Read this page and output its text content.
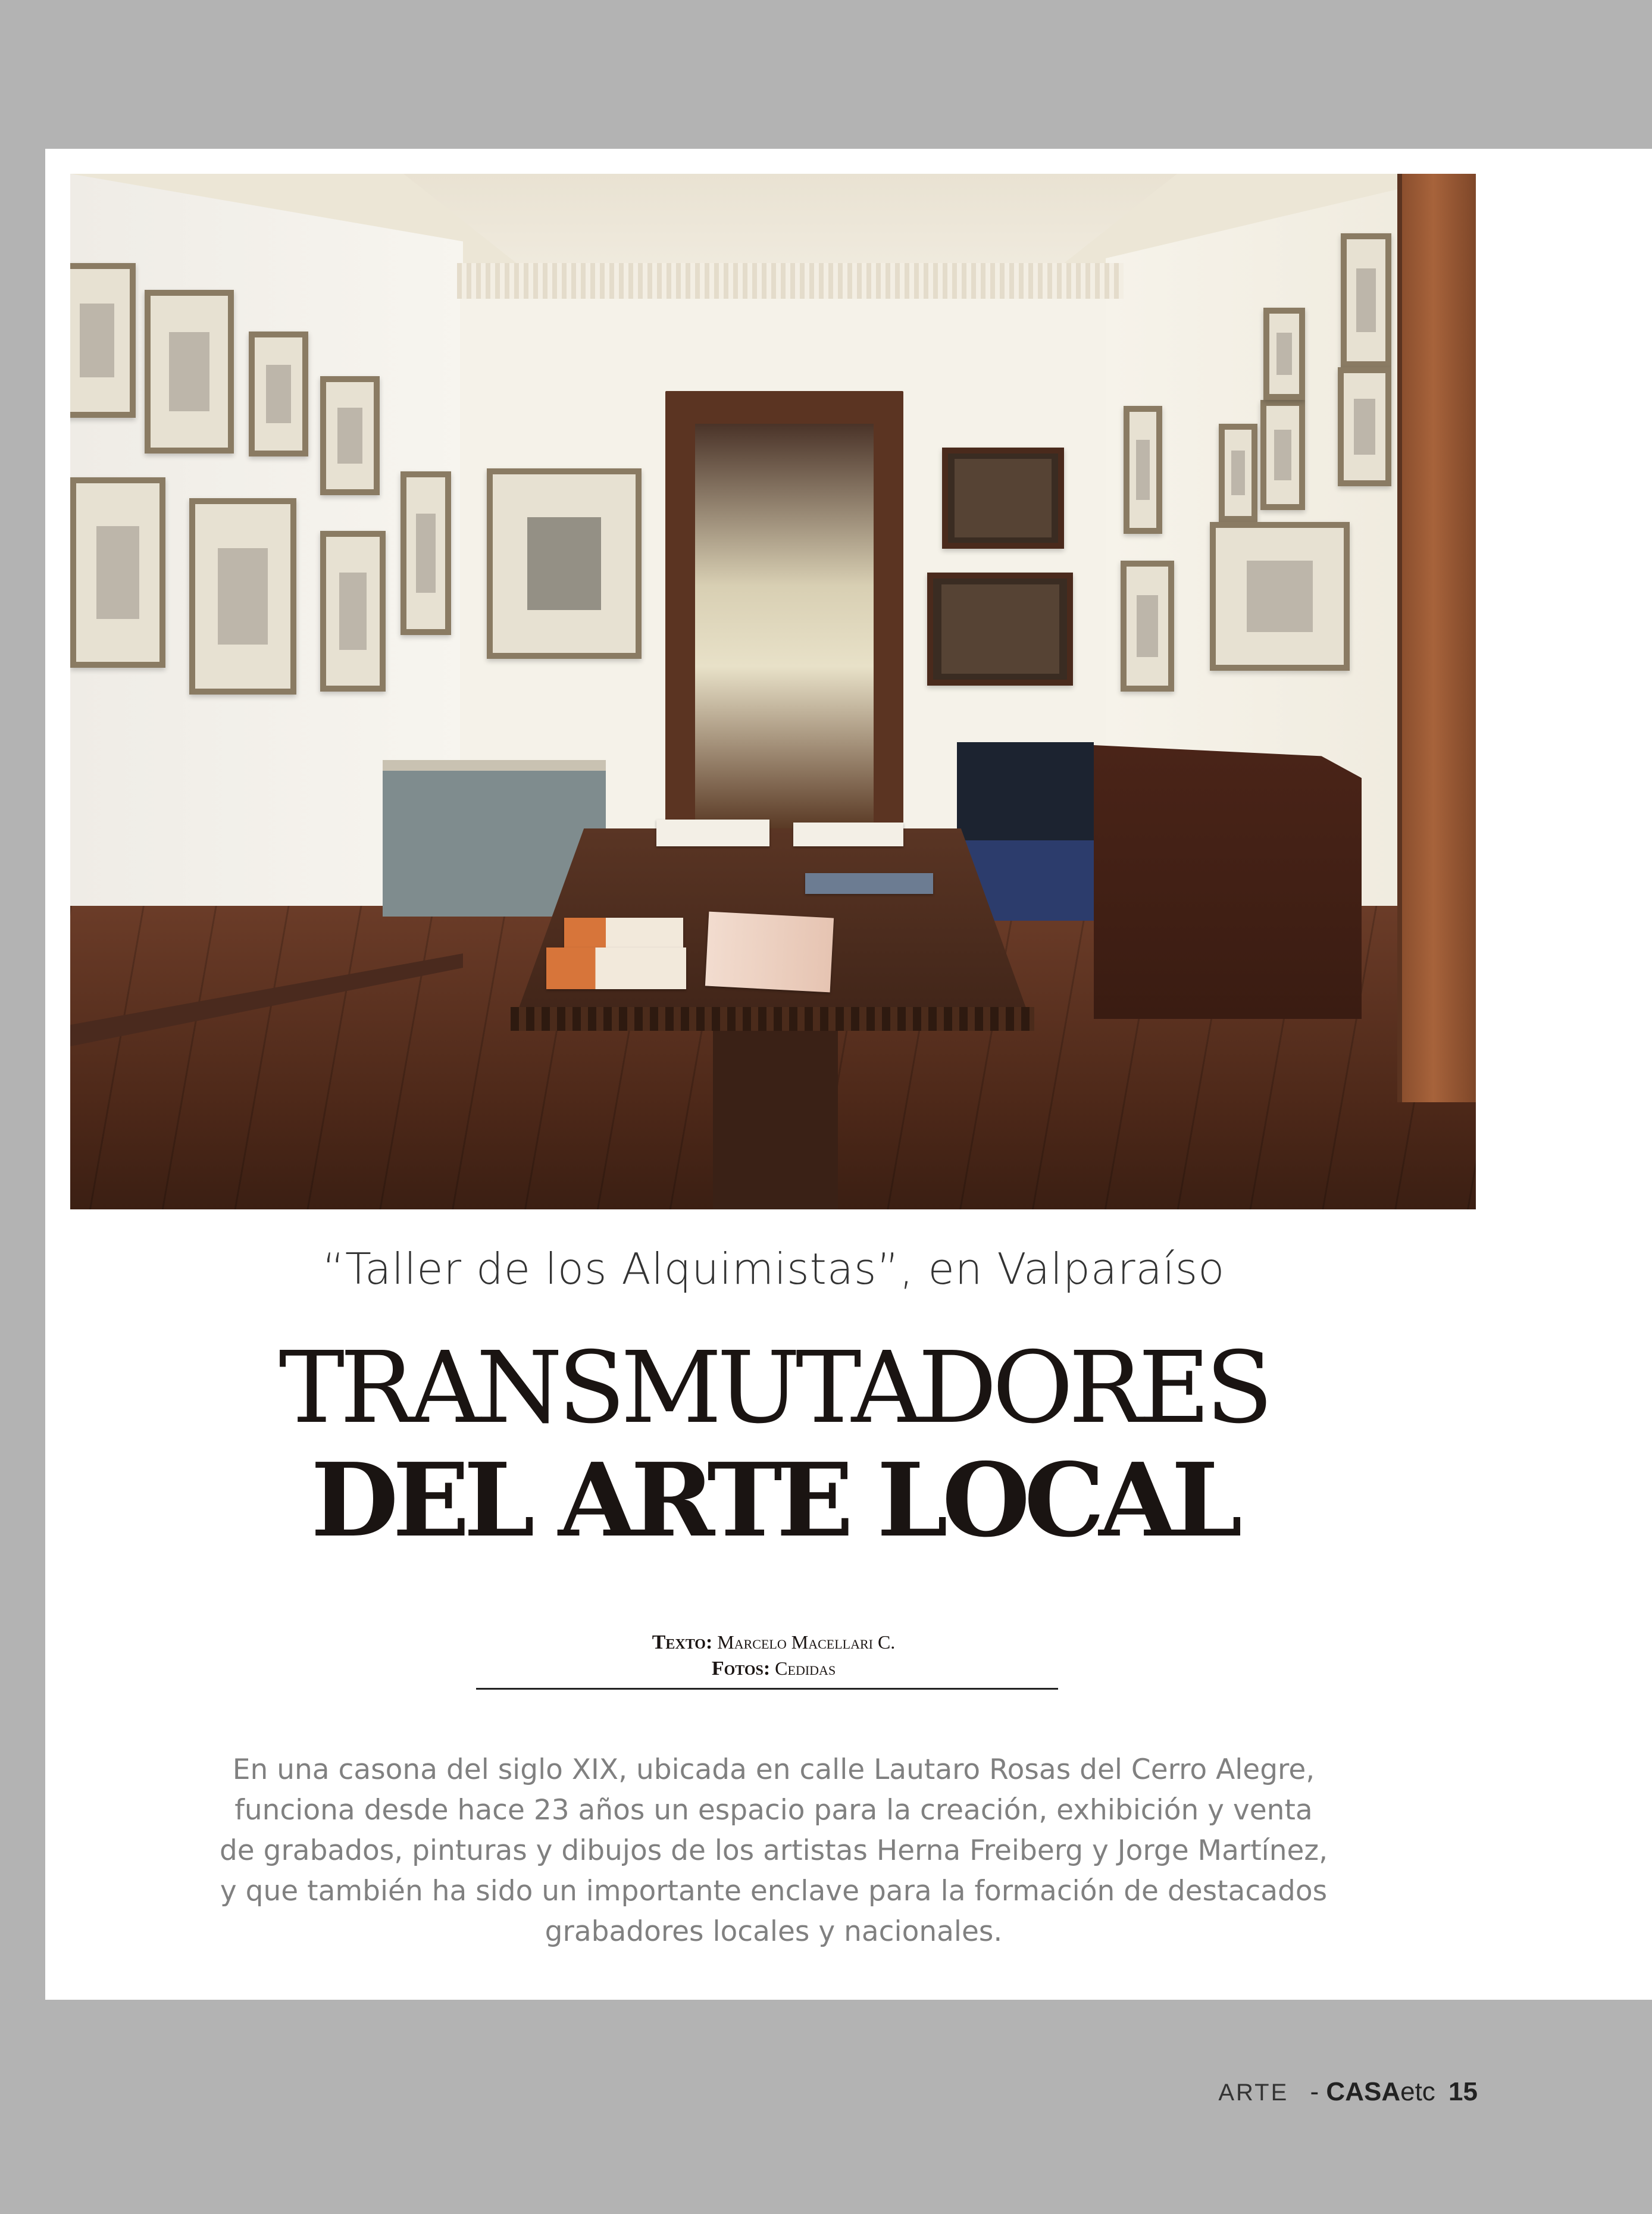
“Taller de los Alquimistas”, en Valparaíso
TRANSMUTADORES
DEL ARTE LOCAL
Texto: Marcelo Macellari C.
Fotos: Cedidas

En una casona del siglo XIX, ubicada en calle Lautaro Rosas del Cerro Alegre, funciona desde hace 23 años un espacio para la creación, exhibición y venta de grabados, pinturas y dibujos de los artistas Herna Freiberg y Jorge Martínez, y que también ha sido un importante enclave para la formación de destacados grabadores locales y nacionales.

ARTE - CASAetc 15
